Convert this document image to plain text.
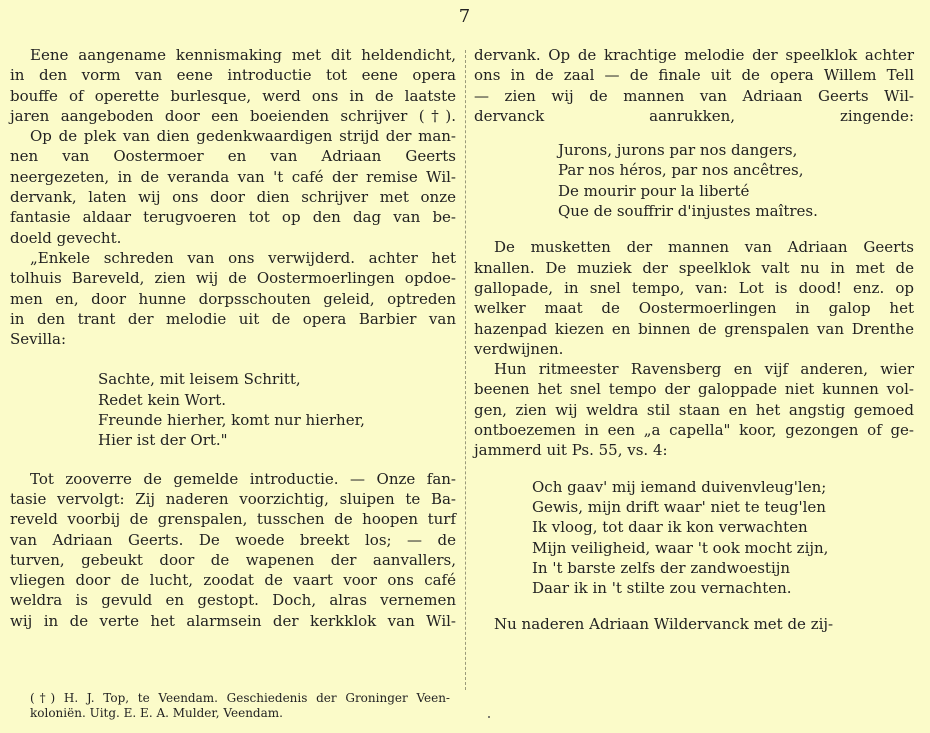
7

Eene aangename kennismaking met dit heldendicht,
in den vorm van eene introductie tot eene opera
bouffe of operette burlesque, werd ons in de laatste
jaren aangeboden door een boeienden schrijver (†).

Op de plek van dien gedenkwaardigen strijd der man-
nen van Oostermoer en van Adriaan Geerts
neergezeten, in de veranda van 't café der remise Wil-
dervank, laten wij ons door dien schrijver met onze
fantasie aldaar terugvoeren tot op den dag van be-
doeld gevecht.

„Enkele schreden van ons verwijderd. achter het
tolhuis Bareveld, zien wij de Oostermoerlingen opdoe-
men en, door hunne dorpsschouten geleid, optreden
in den trant der melodie uit de opera Barbier van
Sevilla:

Sachte, mit leisem Schritt,
Redet kein Wort.
Freunde hierher, komt nur hierher,
Hier ist der Ort."

Tot zooverre de gemelde introductie. — Onze fan-
tasie vervolgt: Zij naderen voorzichtig, sluipen te Ba-
reveld voorbij de grenspalen, tusschen de hoopen turf
van Adriaan Geerts. De woede breekt los; — de
turven, gebeukt door de wapenen der aanvallers,
vliegen door de lucht, zoodat de vaart voor ons café
weldra is gevuld en gestopt. Doch, alras vernemen
wij in de verte het alarmsein der kerkklok van Wil-

dervank. Op de krachtige melodie der speelklok achter
ons in de zaal — de finale uit de opera Willem Tell
— zien wij de mannen van Adriaan Geerts Wil-
dervanck aanrukken, zingende:

Jurons, jurons par nos dangers,
Par nos héros, par nos ancêtres,
De mourir pour la liberté
Que de souffrir d'injustes maîtres.

De musketten der mannen van Adriaan Geerts
knallen. De muziek der speelklok valt nu in met de
gallopade, in snel tempo, van: Lot is dood! enz. op
welker maat de Oostermoerlingen in galop het
hazenpad kiezen en binnen de grenspalen van Drenthe
verdwijnen.

Hun ritmeester Ravensberg en vijf anderen, wier
beenen het snel tempo der galoppade niet kunnen vol-
gen, zien wij weldra stil staan en het angstig gemoed
ontboezemen in een „a capella" koor, gezongen of ge-
jammerd uit Ps. 55, vs. 4:

Och gaav' mij iemand duivenvleug'len;
Gewis, mijn drift waar' niet te teug'len
Ik vloog, tot daar ik kon verwachten
Mijn veiligheid, waar 't ook mocht zijn,
In 't barste zelfs der zandwoestijn
Daar ik in 't stilte zou vernachten.

Nu naderen Adriaan Wildervanck met de zij-

(†) H. J. Top, te Veendam. Geschiedenis der Groninger Veen-
koloniën. Uitg. E. E. A. Mulder, Veendam.
